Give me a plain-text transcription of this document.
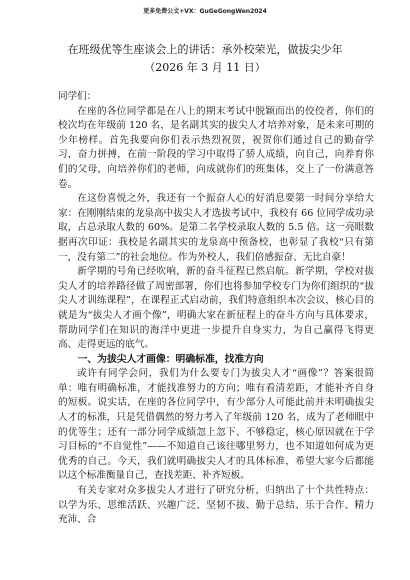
更多免费公文+VX：GuGeGongWen2024
在班级优等生座谈会上的讲话：承外校荣光，做拔尖少年
（2026 年 3 月 11 日）

同学们：

在座的各位同学都是在八上的期末考试中脱颖而出的佼佼者，你们的校次均在年级前 120 名，是名副其实的拔尖人才培养对象，是未来可期的少年榜样。首先我要向你们表示热烈祝贺，祝贺你们通过自己的勤奋学习，奋力拼搏，在前一阶段的学习中取得了骄人成绩，向自己，向养育你们的父母，向培养你们的老师，向成就你们的班集体，交上了一份满意答卷。

在这份喜悦之外，我还有一个振奋人心的好消息要第一时间分享给大家：在刚刚结束的龙泉高中拔尖人才选拔考试中，我校有 66 位同学成功录取，占总录取人数的 60%。是第二名学校录取人数的 5.5 倍。这一亮眼数据再次印证：我校是名副其实的龙泉高中预备校，也彰显了我校“只有第一，没有第二”的社会地位。作为外校人，我们倍感振奋、无比自豪！

新学期的号角已经吹响，新的奋斗征程已然启航。新学期，学校对拔尖人才的培养路径做了周密部署，你们也将参加学校专门为你们组织的“拔尖人才训练课程”，在课程正式启动前，我们特意组织本次会议，核心目的就是为“拔尖人才画个像”，明确大家在新征程上的奋斗方向与具体要求，帮助同学们在知识的海洋中更进一步提升自身实力，为自己赢得飞得更高、走得更远的底气。

一、为拔尖人才画像：明确标准，找准方向

或许有同学会问，我们为什么要专门为拔尖人才“画像”？答案很简单：唯有明确标准，才能找准努力的方向；唯有看清差距，才能补齐自身的短板。说实话，在座的各位同学中，有少部分人可能此前并未明确拔尖人才的标准，只是凭借偶然的努力考入了年级前 120 名，成为了老师眼中的优等生；还有一部分同学成绩忽上忽下、不够稳定，核心原因就在于学习目标的“不自觉性”——不知道自己该往哪里努力，也不知道如何成为更优秀的自己。今天，我们就明确拔尖人才的具体标准，希望大家今后都能以这个标准衡量自己，查找差距、补齐短板。

有关专家对众多拔尖人才进行了研究分析，归纳出了十个共性特点：以学为乐、思维活跃、兴趣广泛、坚韧不拔、勤于总结、乐于合作、精力充沛、合
